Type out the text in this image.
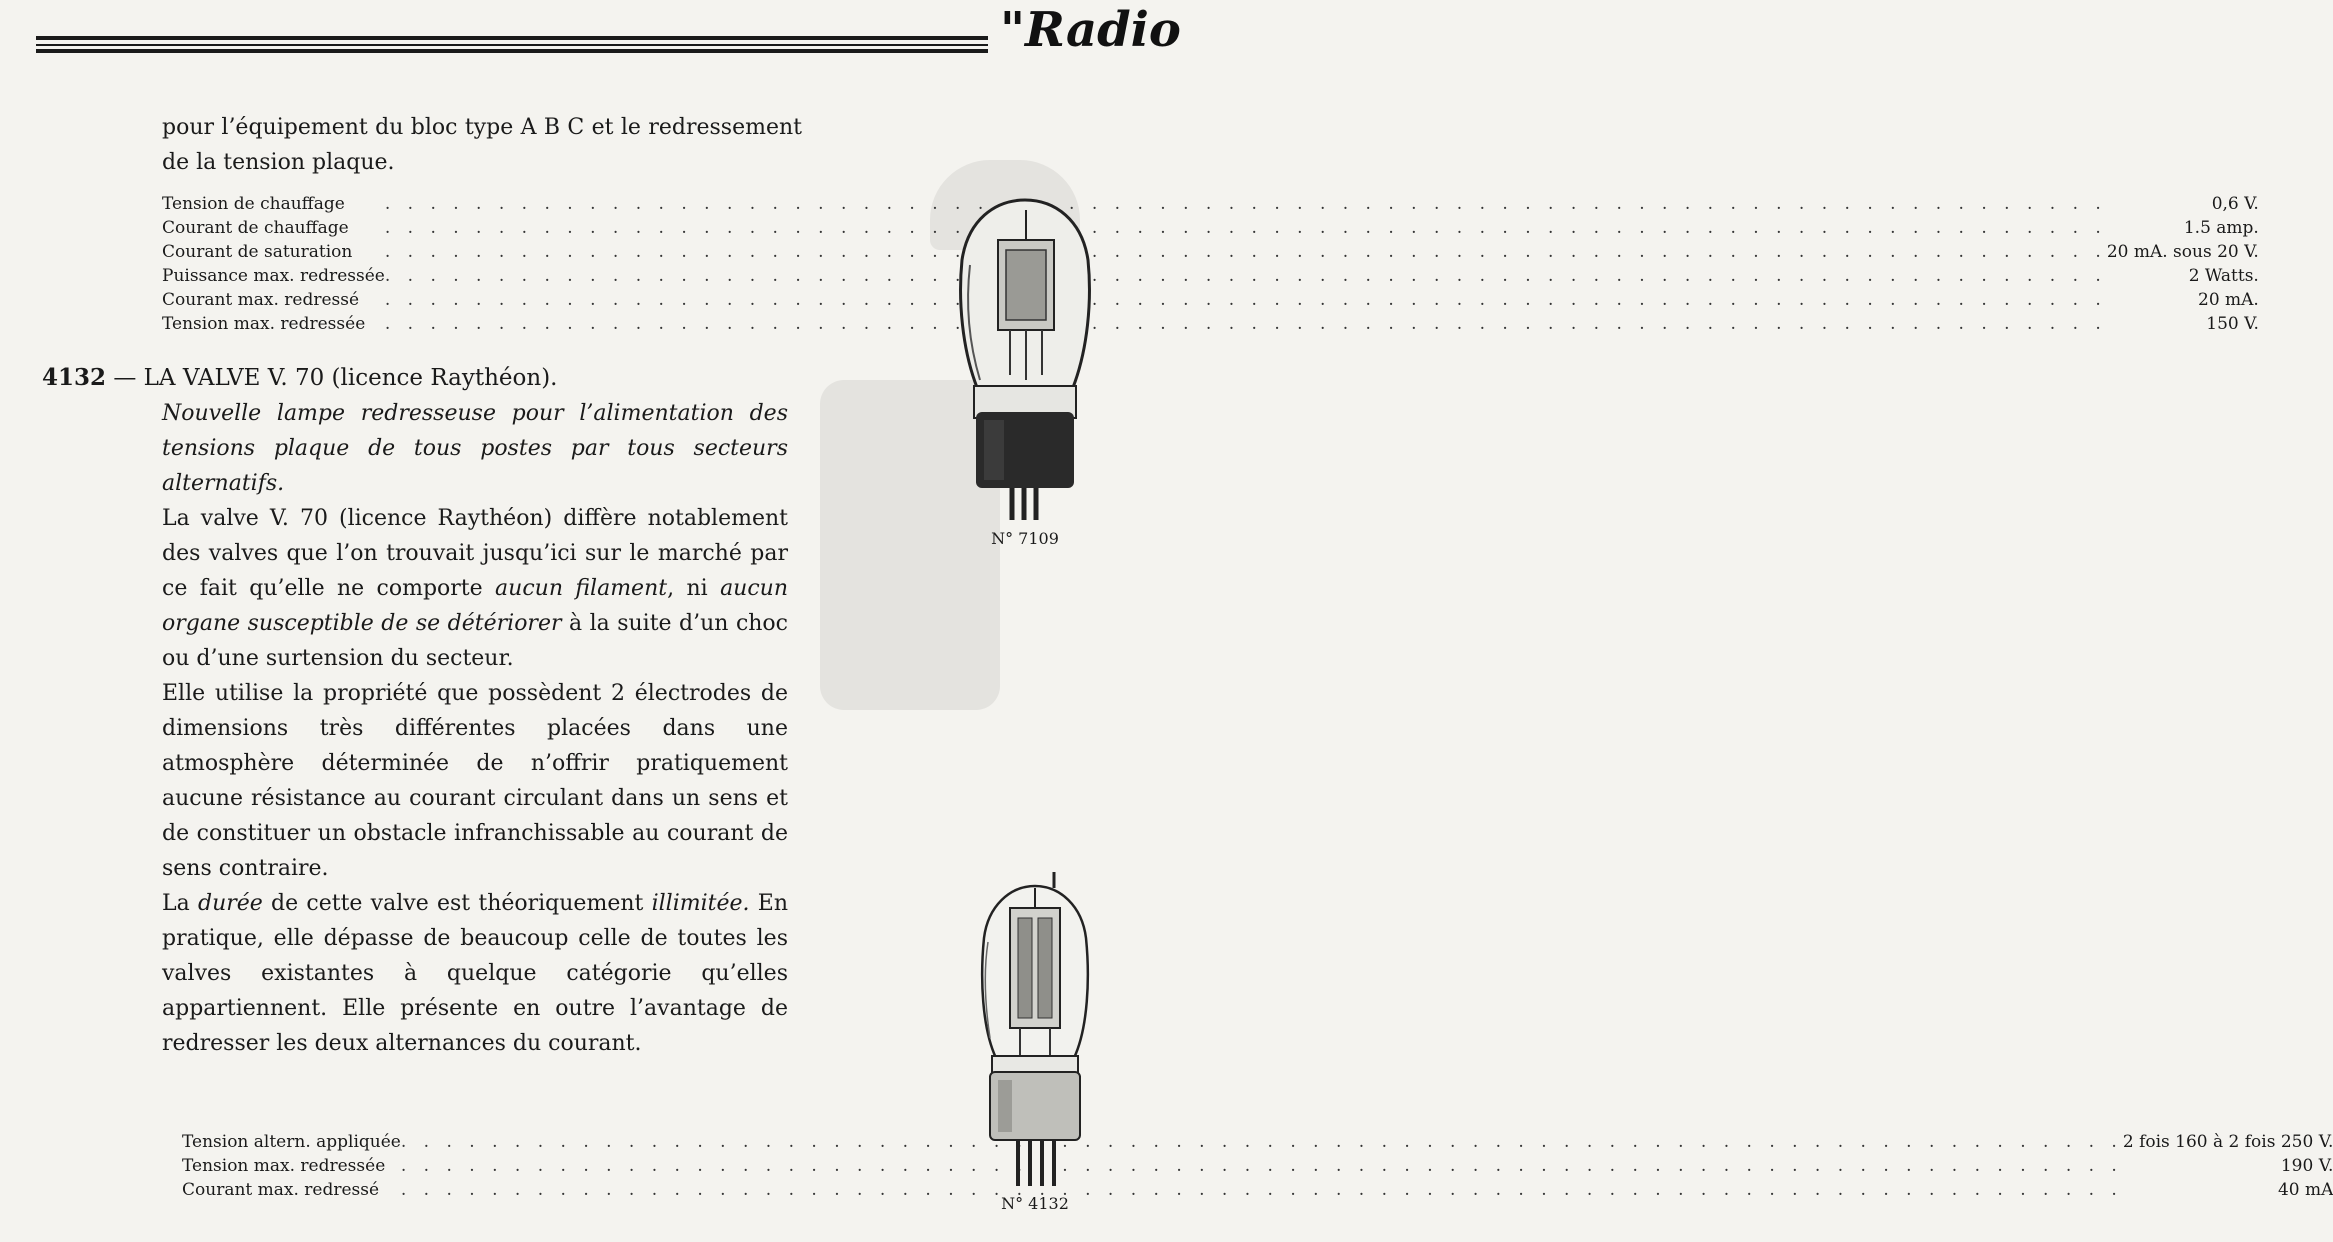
"Radio

pour l’équipement du bloc type A B C et le redressement de la tension plaque.

Tension de chauffage	. . .	0,6 V.
Courant de chauffage	. . .	1.5 amp.
Courant de saturation	. . .	20 mA. sous 20 V.
Puissance max. redressée	. . .	2 Watts.
Courant max. redressé	. . .	20 mA.
Tension max. redressée	. . .	150 V.
4132 — LA VALVE V. 70 (licence Raythéon).

Nouvelle lampe redresseuse pour l’alimentation des tensions plaque de tous postes par tous secteurs alternatifs.

La valve V. 70 (licence Raythéon) diffère notablement des valves que l’on trouvait jusqu’ici sur le marché par ce fait qu’elle ne comporte aucun filament, ni aucun organe susceptible de se détériorer à la suite d’un choc ou d’une surtension du secteur.

Elle utilise la propriété que possèdent 2 électrodes de dimensions très différentes placées dans une atmosphère déterminée de n’offrir pratiquement aucune résistance au courant circulant dans un sens et de constituer un obstacle infranchissable au courant de sens contraire.

La durée de cette valve est théoriquement illimitée. En pratique, elle dépasse de beaucoup celle de toutes les valves existantes à quelque catégorie qu’elles appartiennent. Elle présente en outre l’avantage de redresser les deux alternances du courant.

Tension altern. appliquée	. . .	2 fois 160 à 2 fois 250 V.
Tension max. redressée	. . .	190 V.
Courant max. redressé	. . .	40 mA
N° 7109
N° 4132
